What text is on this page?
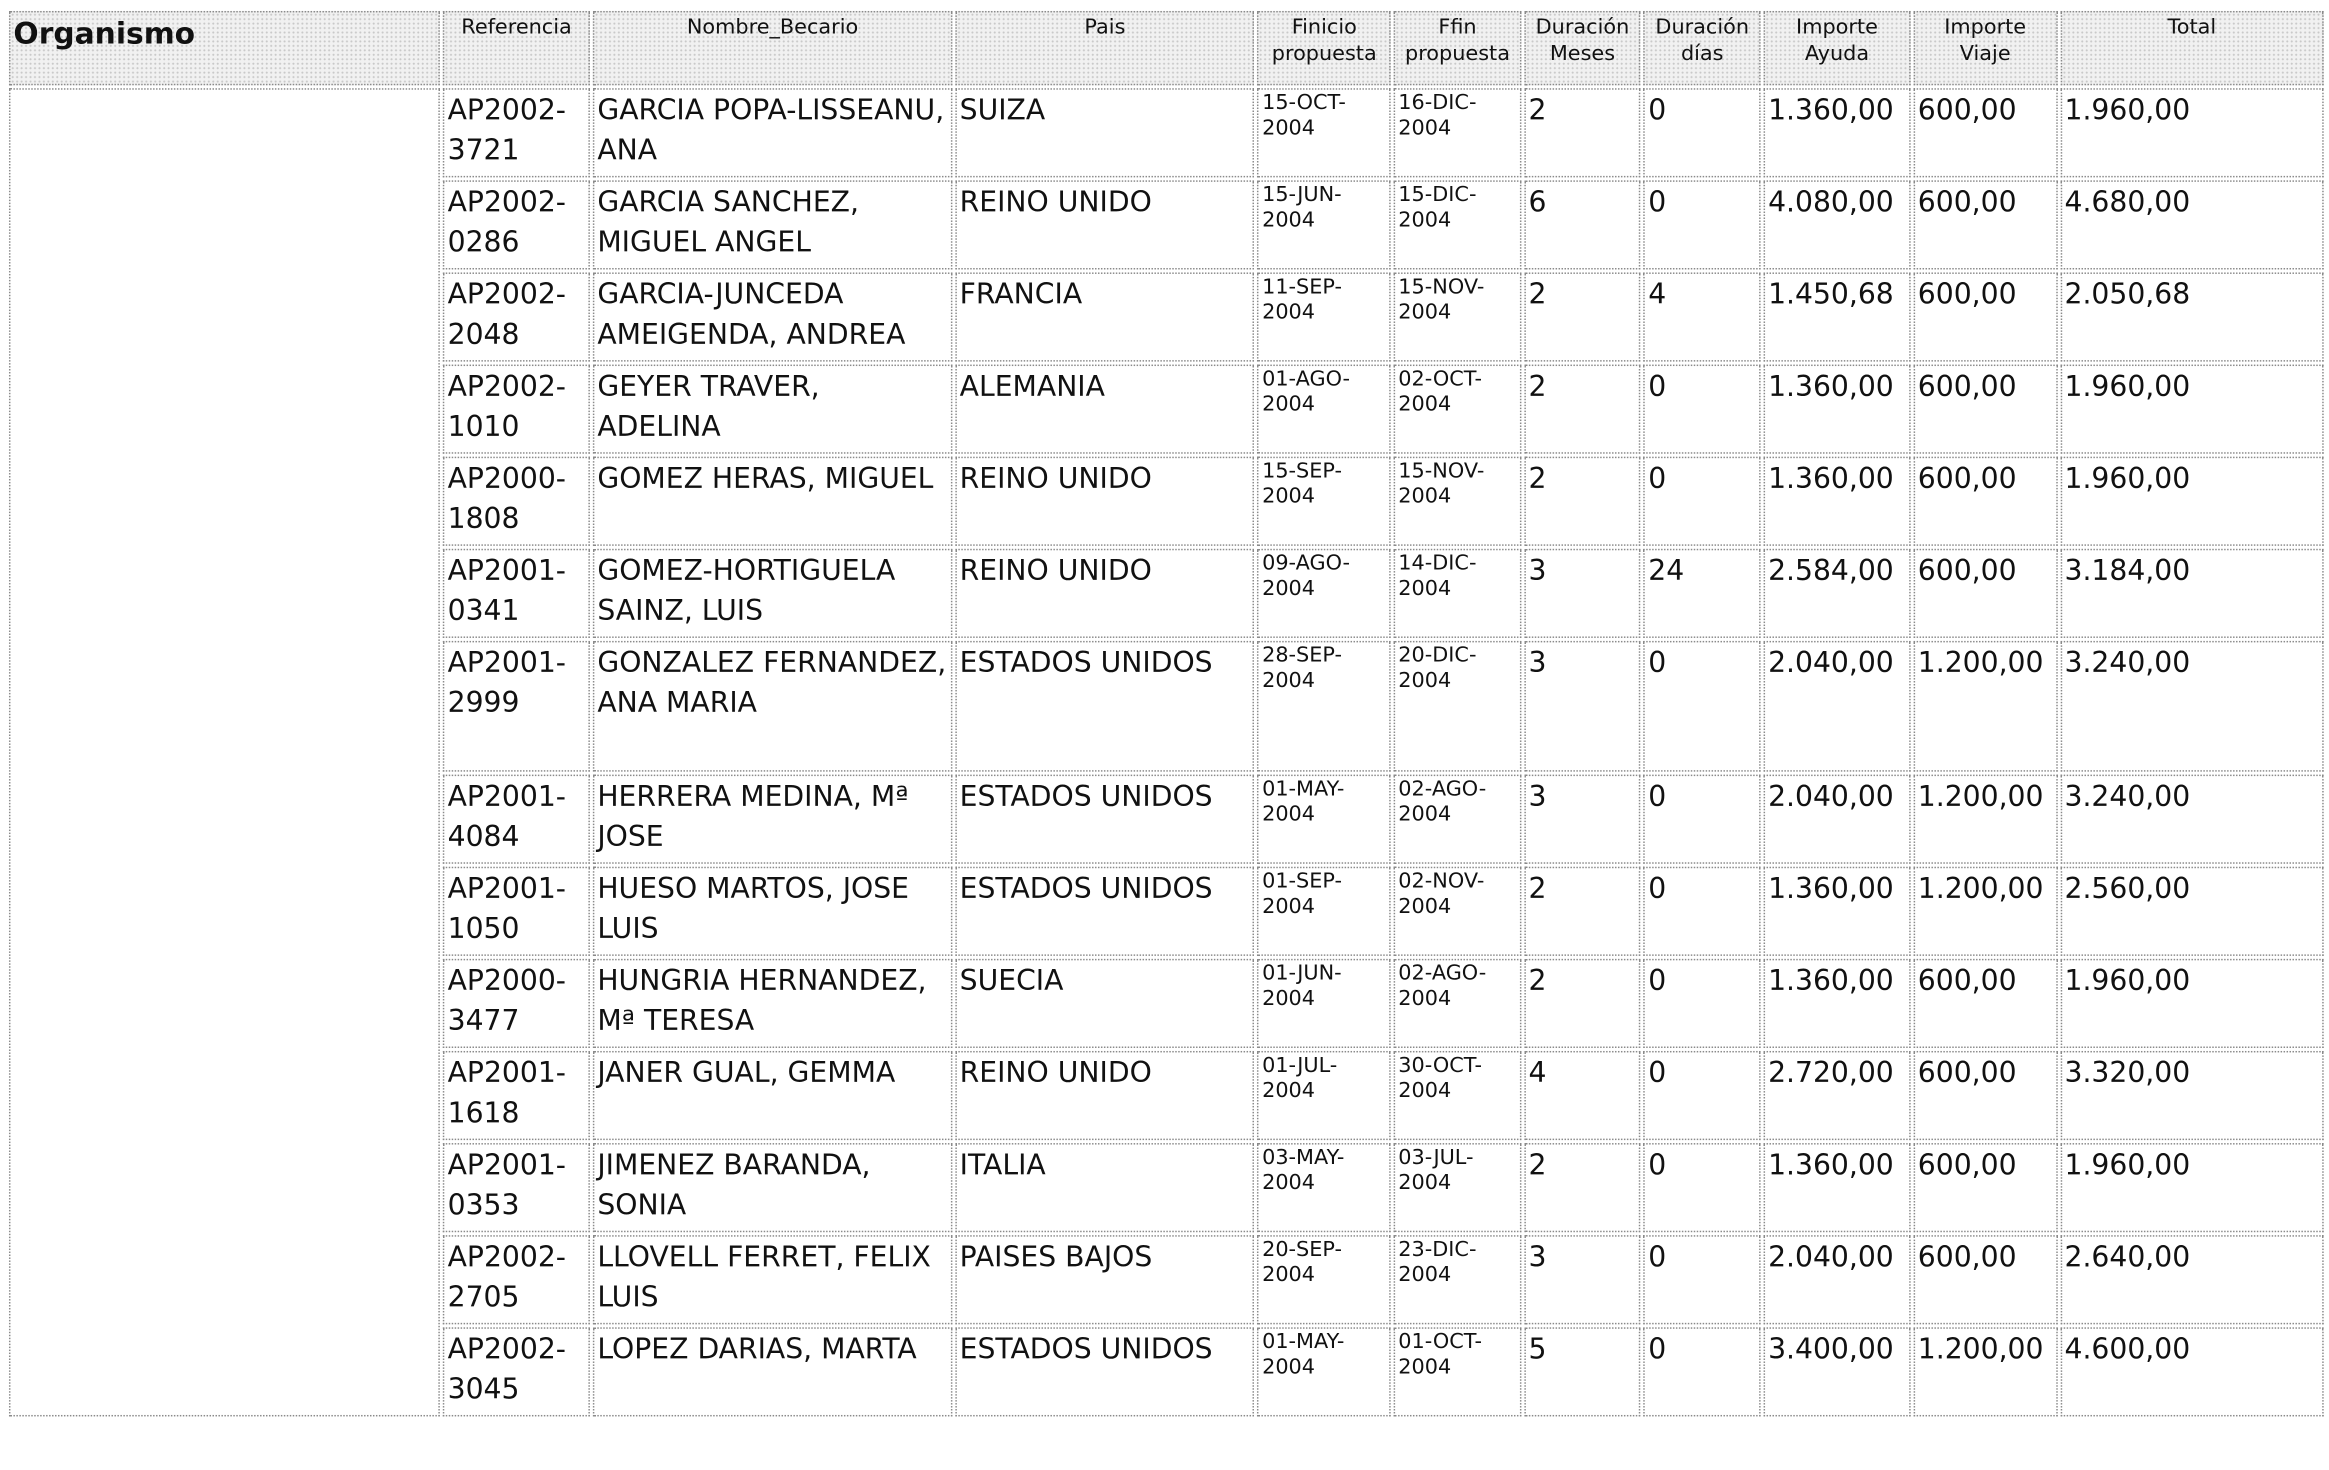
Organismo	Referencia	Nombre_Becario	Pais	Finicio propuesta	Ffin propuesta	Duración Meses	Duración días	Importe Ayuda	Importe Viaje	Total
	AP2002-3721	GARCIA POPA-LISSEANU, ANA	SUIZA	15-OCT-2004	16-DIC-2004	2	0	1.360,00	600,00	1.960,00
	AP2002-0286	GARCIA SANCHEZ, MIGUEL ANGEL	REINO UNIDO	15-JUN-2004	15-DIC-2004	6	0	4.080,00	600,00	4.680,00
	AP2002-2048	GARCIA-JUNCEDA AMEIGENDA, ANDREA	FRANCIA	11-SEP-2004	15-NOV-2004	2	4	1.450,68	600,00	2.050,68
	AP2002-1010	GEYER TRAVER, ADELINA	ALEMANIA	01-AGO-2004	02-OCT-2004	2	0	1.360,00	600,00	1.960,00
	AP2000-1808	GOMEZ HERAS, MIGUEL	REINO UNIDO	15-SEP-2004	15-NOV-2004	2	0	1.360,00	600,00	1.960,00
	AP2001-0341	GOMEZ-HORTIGUELA SAINZ, LUIS	REINO UNIDO	09-AGO-2004	14-DIC-2004	3	24	2.584,00	600,00	3.184,00
	AP2001-2999	GONZALEZ FERNANDEZ, ANA MARIA	ESTADOS UNIDOS	28-SEP-2004	20-DIC-2004	3	0	2.040,00	1.200,00	3.240,00
	AP2001-4084	HERRERA MEDINA, Mª JOSE	ESTADOS UNIDOS	01-MAY-2004	02-AGO-2004	3	0	2.040,00	1.200,00	3.240,00
	AP2001-1050	HUESO MARTOS, JOSE LUIS	ESTADOS UNIDOS	01-SEP-2004	02-NOV-2004	2	0	1.360,00	1.200,00	2.560,00
	AP2000-3477	HUNGRIA HERNANDEZ, Mª TERESA	SUECIA	01-JUN-2004	02-AGO-2004	2	0	1.360,00	600,00	1.960,00
	AP2001-1618	JANER GUAL, GEMMA	REINO UNIDO	01-JUL-2004	30-OCT-2004	4	0	2.720,00	600,00	3.320,00
	AP2001-0353	JIMENEZ BARANDA, SONIA	ITALIA	03-MAY-2004	03-JUL-2004	2	0	1.360,00	600,00	1.960,00
	AP2002-2705	LLOVELL FERRET, FELIX LUIS	PAISES BAJOS	20-SEP-2004	23-DIC-2004	3	0	2.040,00	600,00	2.640,00
	AP2002-3045	LOPEZ DARIAS, MARTA	ESTADOS UNIDOS	01-MAY-2004	01-OCT-2004	5	0	3.400,00	1.200,00	4.600,00
